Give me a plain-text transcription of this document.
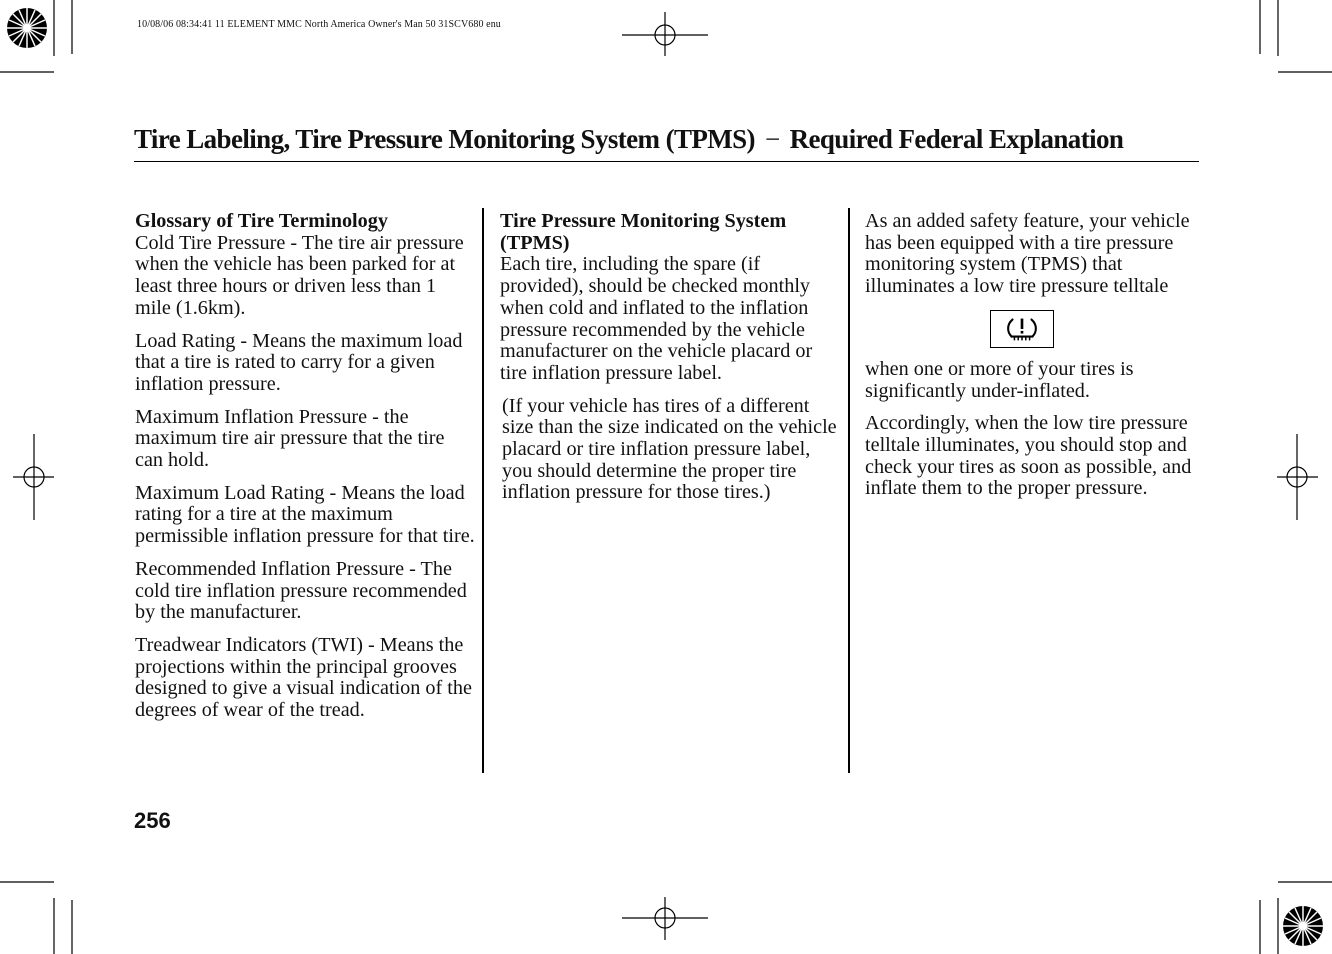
10/08/06 08:34:41 11 ELEMENT MMC North America Owner's Man 50 31SCV680 enu
Tire Labeling, Tire Pressure Monitoring System (TPMS) − Required Federal Explanation

Glossary of Tire Terminology
Cold Tire Pressure - The tire air pressure when the vehicle has been parked for at least three hours or driven less than 1 mile (1.6km).

Load Rating - Means the maximum load that a tire is rated to carry for a given inflation pressure.

Maximum Inflation Pressure - the maximum tire air pressure that the tire can hold.

Maximum Load Rating - Means the load rating for a tire at the maximum permissible inflation pressure for that tire.

Recommended Inflation Pressure - The cold tire inflation pressure recommended by the manufacturer.

Treadwear Indicators (TWI) - Means the projections within the principal grooves designed to give a visual indication of the degrees of wear of the tread.

Tire Pressure Monitoring System (TPMS)
Each tire, including the spare (if provided), should be checked monthly when cold and inflated to the inflation pressure recommended by the vehicle manufacturer on the vehicle placard or tire inflation pressure label.

(If your vehicle has tires of a different size than the size indicated on the vehicle placard or tire inflation pressure label, you should determine the proper tire inflation pressure for those tires.)

As an added safety feature, your vehicle has been equipped with a tire pressure monitoring system (TPMS) that illuminates a low tire pressure telltale

when one or more of your tires is significantly under-inflated.

Accordingly, when the low tire pressure telltale illuminates, you should stop and check your tires as soon as possible, and inflate them to the proper pressure.

256
